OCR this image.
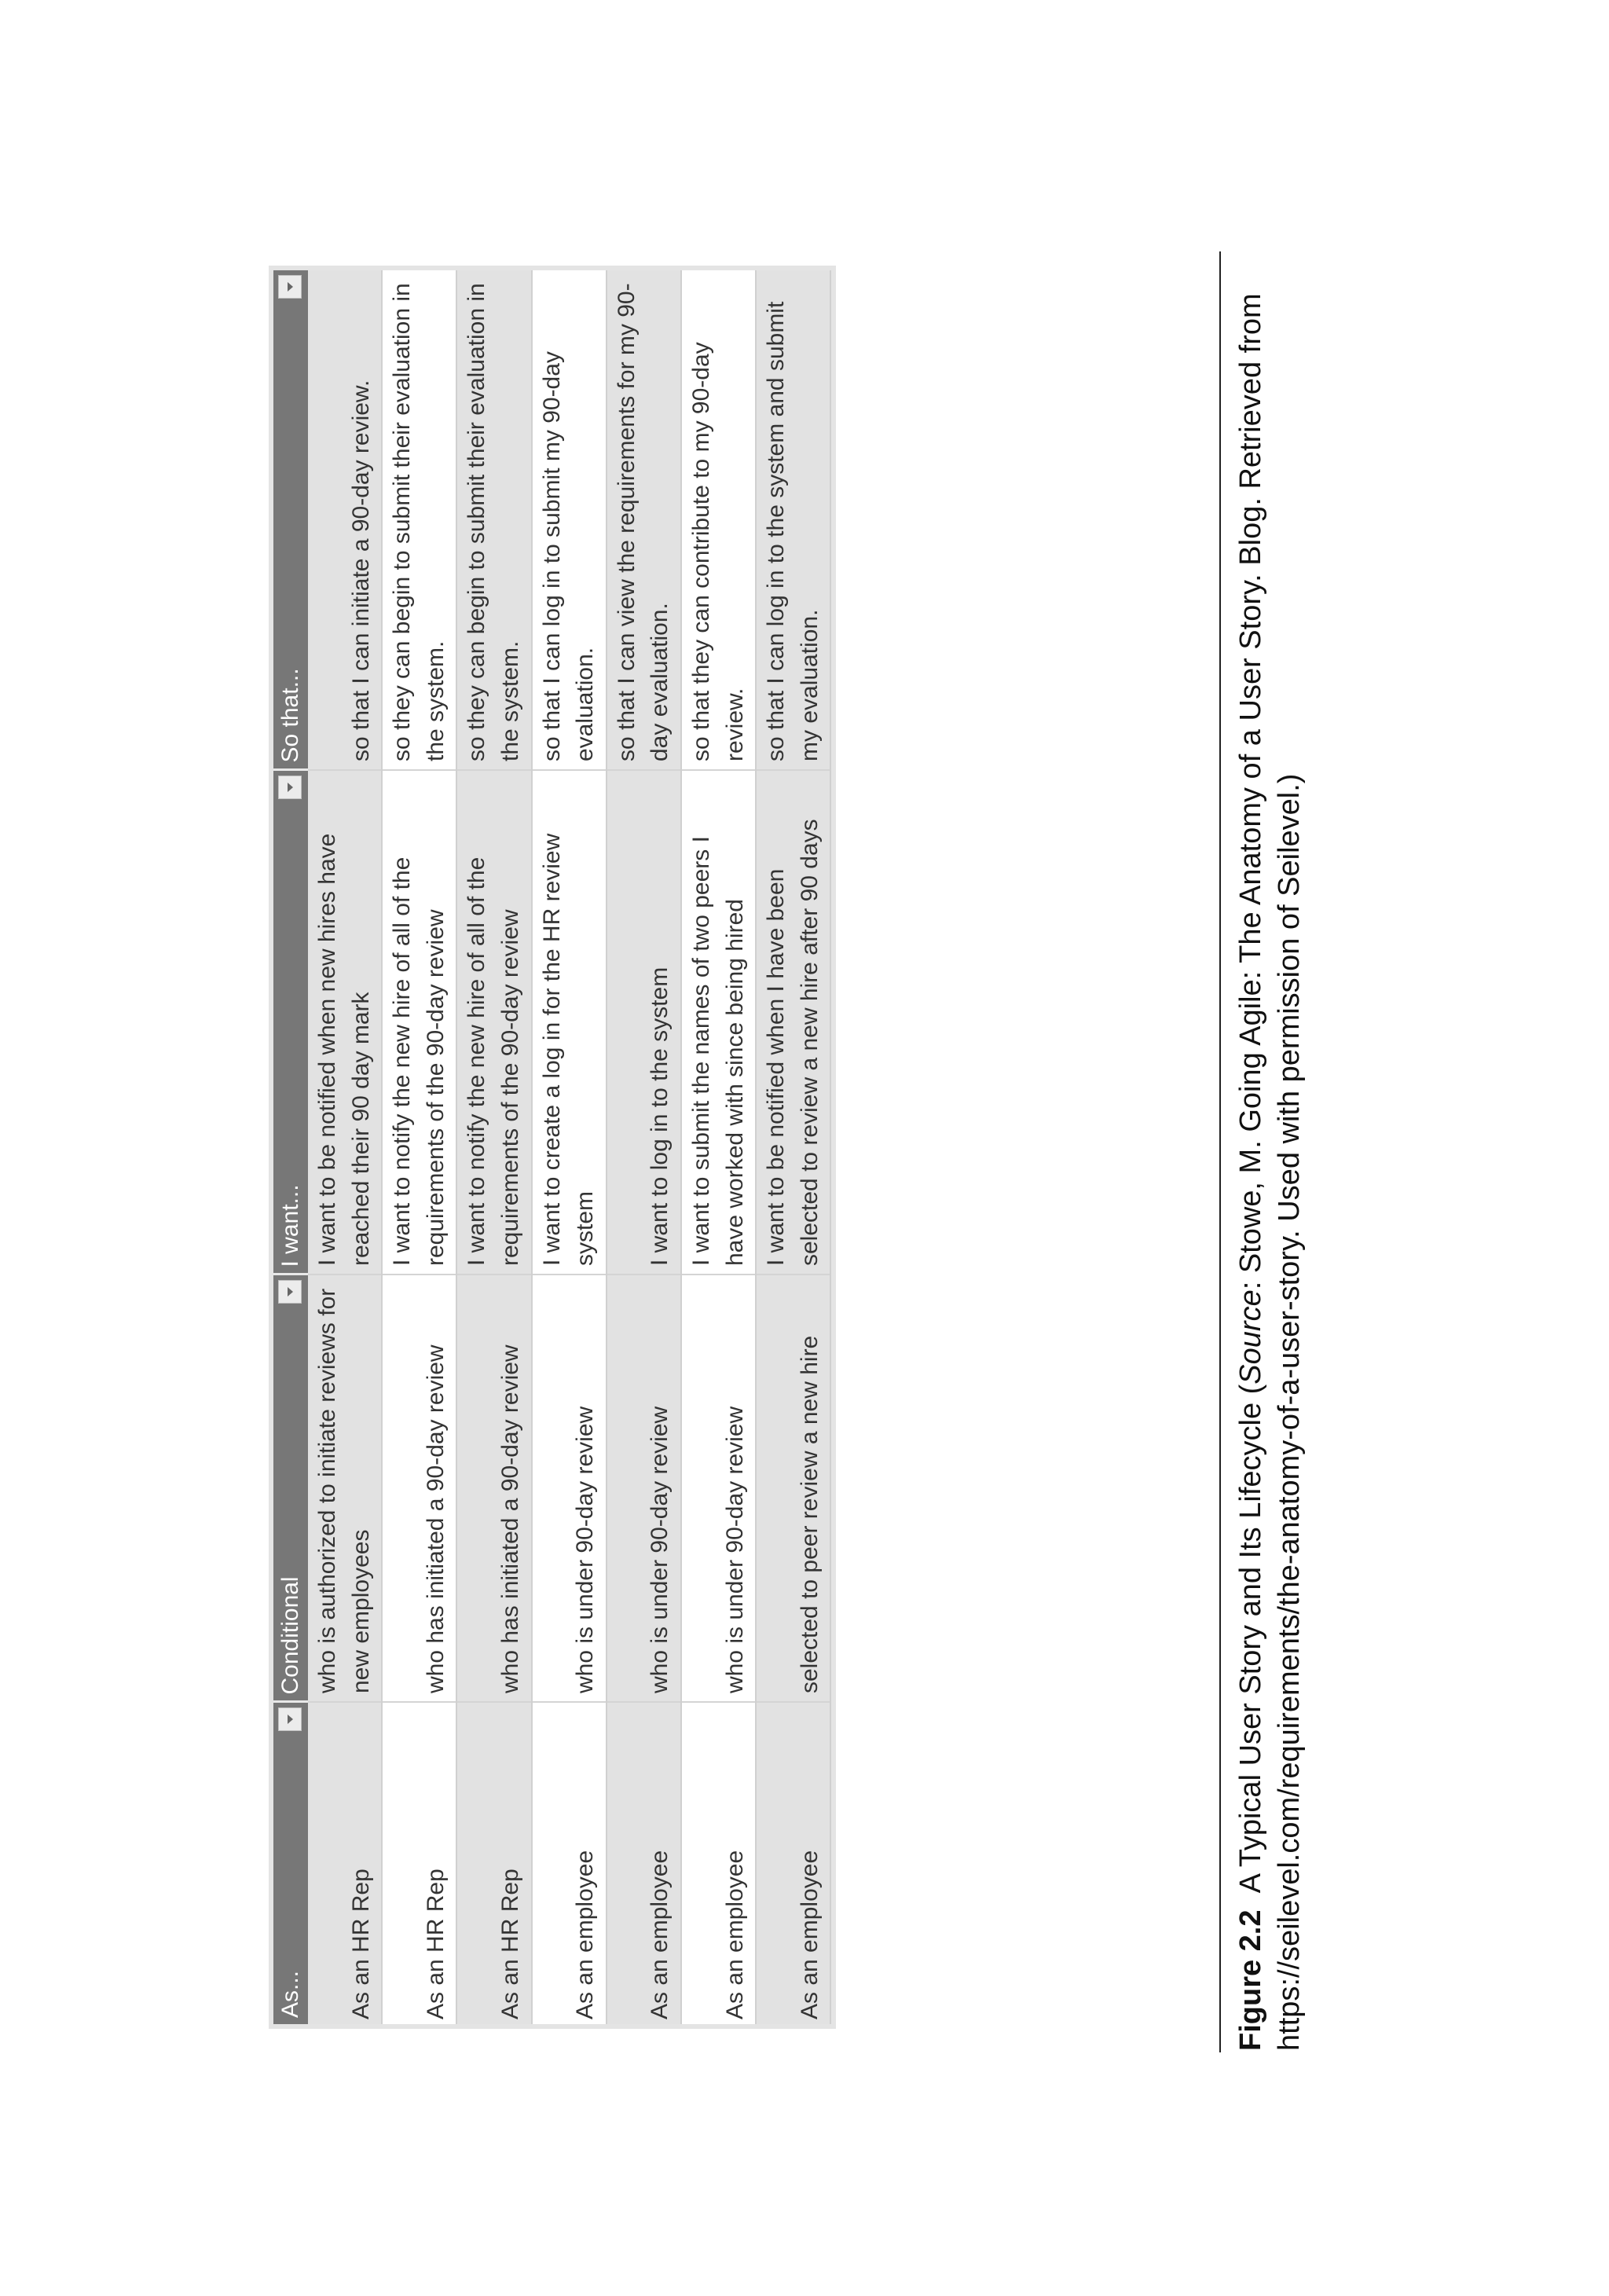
As...	Conditional	I want...	So that...

As an HR Rep	who is authorized to initiate reviews for new employees	I want to be notified when new hires have reached their 90 day mark	so that I can initiate a 90-day review.
As an HR Rep	who has initiated a 90-day review	I want to notify the new hire of all of the requirements of the 90-day review	so they can begin to submit their evaluation in the system.
As an HR Rep	who has initiated a 90-day review	I want to notify the new hire of all of the requirements of the 90-day review	so they can begin to submit their evaluation in the system.
As an employee	who is under 90-day review	I want to create a log in for the HR review system	so that I can log in to submit my 90-day evaluation.
As an employee	who is under 90-day review	I want to log in to the system	so that I can view the requirements for my 90-day evaluation.
As an employee	who is under 90-day review	I want to submit the names of two peers I have worked with since being hired	so that they can contribute to my 90-day review.
As an employee	selected to peer review a new hire	I want to be notified when I have been selected to review a new hire after 90 days	so that I can log in to the system and submit my evaluation.
Figure 2.2  A Typical User Story and Its Lifecycle (Source: Stowe, M. Going Agile: The Anatomy of a User Story. Blog. Retrieved from https://seilevel.com/requirements/the-anatomy-of-a-user-story. Used with permission of Seilevel.)
